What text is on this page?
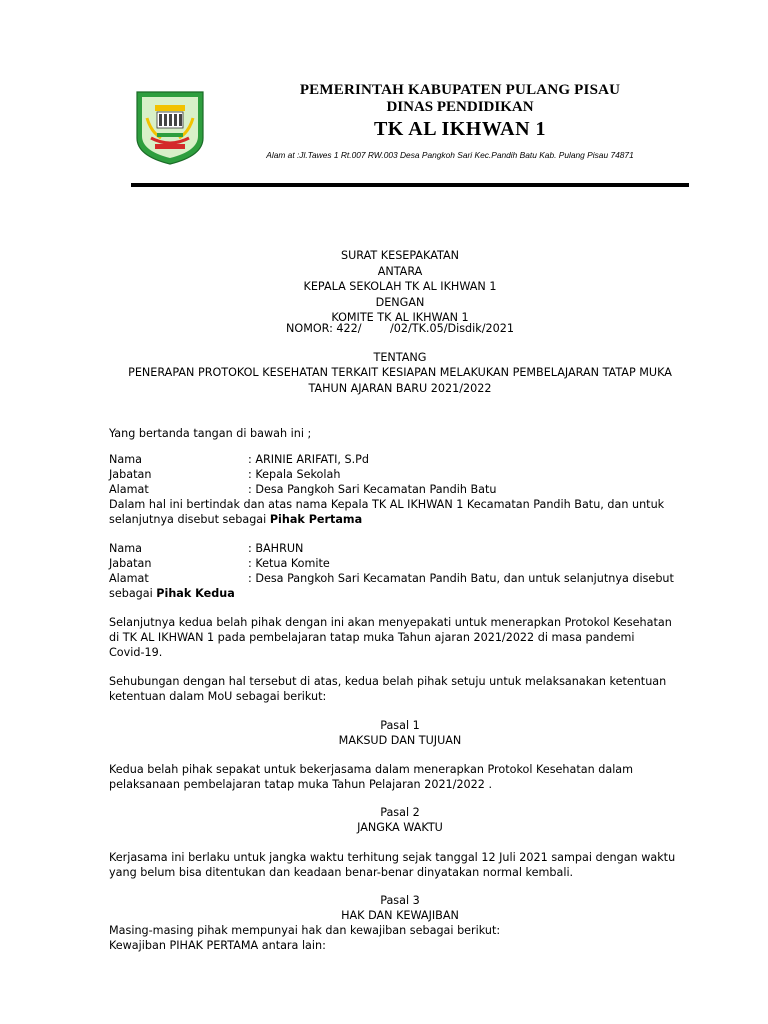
PEMERINTAH KABUPATEN PULANG PISAU
DINAS PENDIDIKAN
TK AL IKHWAN 1
Alam at :Jl.Tawes 1 Rt.007 RW.003 Desa Pangkoh Sari Kec.Pandih Batu Kab. Pulang Pisau 74871
SURAT KESEPAKATAN
ANTARA
KEPALA SEKOLAH TK AL IKHWAN 1
DENGAN
KOMITE TK AL IKHWAN 1
NOMOR: 422/        /02/TK.05/Disdik/2021
TENTANG
PENERAPAN PROTOKOL KESEHATAN TERKAIT KESIAPAN MELAKUKAN PEMBELAJARAN TATAP MUKA
TAHUN AJARAN BARU 2021/2022
Yang bertanda tangan di bawah ini ;
Nama	: ARINIE ARIFATI, S.Pd
Jabatan	: Kepala Sekolah
Alamat	: Desa Pangkoh Sari Kecamatan Pandih Batu
Dalam hal ini bertindak dan atas nama Kepala TK AL IKHWAN 1 Kecamatan Pandih Batu, dan untuk
selanjutnya disebut sebagai Pihak Pertama
Nama	: BAHRUN
Jabatan	: Ketua Komite
Alamat	: Desa Pangkoh Sari Kecamatan Pandih Batu, dan untuk selanjutnya disebut
sebagai Pihak Kedua
Selanjutnya kedua belah pihak dengan ini akan menyepakati untuk menerapkan Protokol Kesehatan
di TK AL IKHWAN 1 pada pembelajaran tatap muka Tahun ajaran 2021/2022 di masa pandemi
Covid-19.
Sehubungan dengan hal tersebut di atas, kedua belah pihak setuju untuk melaksanakan ketentuan
ketentuan dalam MoU sebagai berikut:
Pasal 1
MAKSUD DAN TUJUAN
Kedua belah pihak sepakat untuk bekerjasama dalam menerapkan Protokol Kesehatan dalam
pelaksanaan pembelajaran tatap muka Tahun Pelajaran 2021/2022 .
Pasal 2
JANGKA WAKTU
Kerjasama ini berlaku untuk jangka waktu terhitung sejak tanggal 12 Juli 2021 sampai dengan waktu
yang belum bisa ditentukan dan keadaan benar-benar dinyatakan normal kembali.
Pasal 3
HAK DAN KEWAJIBAN
Masing-masing pihak mempunyai hak dan kewajiban sebagai berikut:
Kewajiban PIHAK PERTAMA antara lain:
